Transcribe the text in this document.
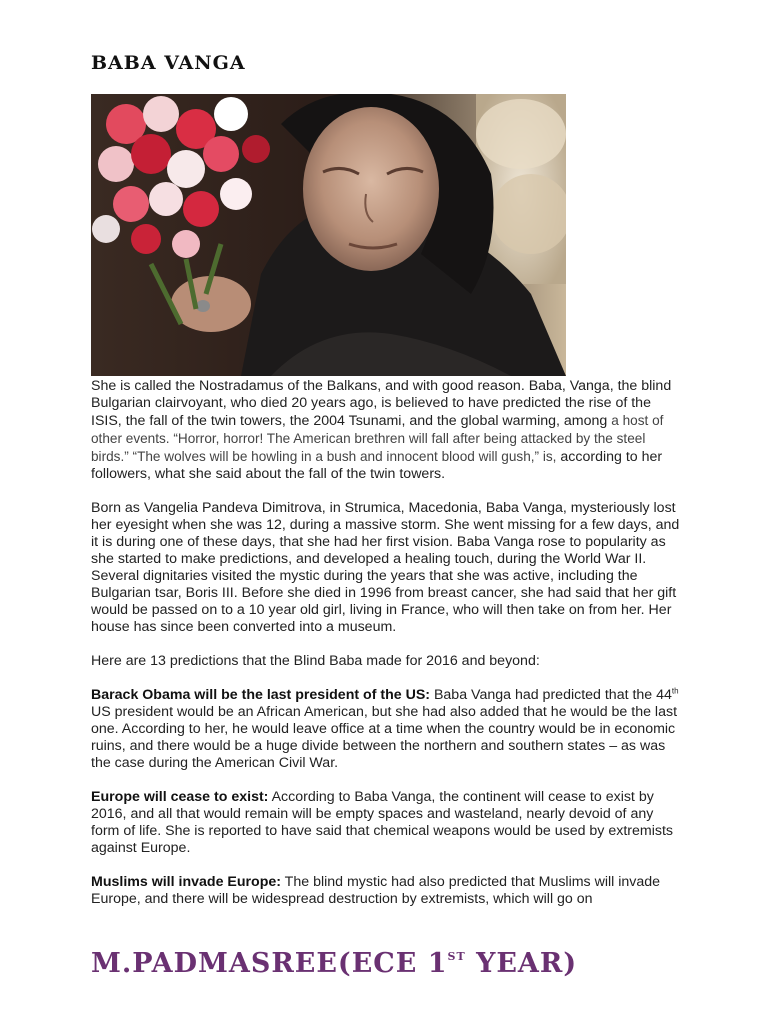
BABA VANGA

She is called the Nostradamus of the Balkans, and with good reason. Baba, Vanga, the blind Bulgarian clairvoyant, who died 20 years ago, is believed to have predicted the rise of the ISIS, the fall of the twin towers, the 2004 Tsunami, and the global warming, among a host of other events. “Horror, horror! The American brethren will fall after being attacked by the steel birds.” “The wolves will be howling in a bush and innocent blood will gush,” is, according to her followers, what she said about the fall of the twin towers.

Born as Vangelia Pandeva Dimitrova, in Strumica, Macedonia, Baba Vanga, mysteriously lost her eyesight when she was 12, during a massive storm. She went missing for a few days, and it is during one of these days, that she had her first vision. Baba Vanga rose to popularity as she started to make predictions, and developed a healing touch, during the World War II. Several dignitaries visited the mystic during the years that she was active, including the Bulgarian tsar, Boris III. Before she died in 1996 from breast cancer, she had said that her gift would be passed on to a 10 year old girl, living in France, who will then take on from her. Her house has since been converted into a museum.

Here are 13 predictions that the Blind Baba made for 2016 and beyond:

Barack Obama will be the last president of the US: Baba Vanga had predicted that the 44th US president would be an African American, but she had also added that he would be the last one. According to her, he would leave office at a time when the country would be in economic ruins, and there would be a huge divide between the northern and southern states – as was the case during the American Civil War.

Europe will cease to exist: According to Baba Vanga, the continent will cease to exist by 2016, and all that would remain will be empty spaces and wasteland, nearly devoid of any form of life. She is reported to have said that chemical weapons would be used by extremists against Europe.

Muslims will invade Europe: The blind mystic had also predicted that Muslims will invade Europe, and there will be widespread destruction by extremists, which will go on

M.PADMASREE(ECE 1ST YEAR)
